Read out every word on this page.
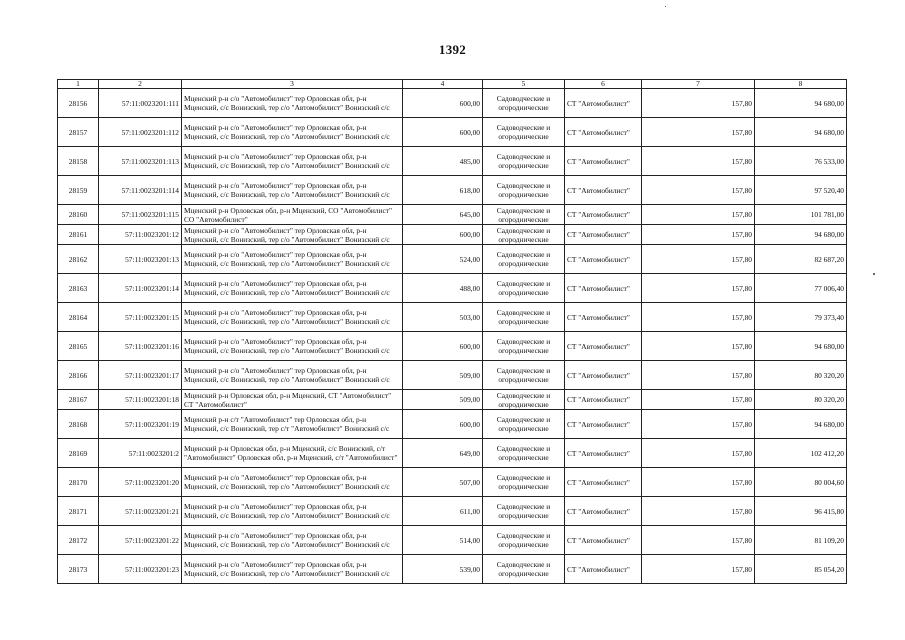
1392
1	2	3	4	5	6	7	8
28156	57:11:0023201:111	Мценский р-н с/о "Автомобилист" тер Орловская обл, р-н Мценский, с/с Вонизский, тер с/о "Автомобилист" Вонизский с/с	600,00	Садоводческие и огороднические	СТ "Автомобилист"	157,80	94 680,00
28157	57:11:0023201:112	Мценский р-н с/о "Автомобилист" тер Орловская обл, р-н Мценский, с/с Вонизский, тер с/о "Автомобилист" Вонизский с/с	600,00	Садоводческие и огороднические	СТ "Автомобилист"	157,80	94 680,00
28158	57:11:0023201:113	Мценский р-н с/о "Автомобилист" тер Орловская обл, р-н Мценский, с/с Вонизский, тер с/о "Автомобилист" Вонизский с/с	485,00	Садоводческие и огороднические	СТ "Автомобилист"	157,80	76 533,00
28159	57:11:0023201:114	Мценский р-н с/о "Автомобилист" тер Орловская обл, р-н Мценский, с/с Вонизский, тер с/о "Автомобилист" Вонизский с/с	618,00	Садоводческие и огороднические	СТ "Автомобилист"	157,80	97 520,40
28160	57:11:0023201:115	Мценский р-н Орловская обл, р-н Мценский, СО "Автомобилист" СО "Автомобилист"	645,00	Садоводческие и огороднические	СТ "Автомобилист"	157,80	101 781,00
28161	57:11:0023201:12	Мценский р-н с/о "Автомобилист" тер Орловская обл, р-н Мценский, с/с Вонизский, тер с/о "Автомобилист" Вонизский с/с	600,00	Садоводческие и огороднические	СТ "Автомобилист"	157,80	94 680,00
28162	57:11:0023201:13	Мценский р-н с/о "Автомобилист" тер Орловская обл, р-н Мценский, с/с Вонизский, тер с/о "Автомобилист" Вонизский с/с	524,00	Садоводческие и огороднические	СТ "Автомобилист"	157,80	82 687,20
28163	57:11:0023201:14	Мценский р-н с/о "Автомобилист" тер Орловская обл, р-н Мценский, с/с Вонизский, тер с/о "Автомобилист" Вонизский с/с	488,00	Садоводческие и огороднические	СТ "Автомобилист"	157,80	77 006,40
28164	57:11:0023201:15	Мценский р-н с/о "Автомобилист" тер Орловская обл, р-н Мценский, с/с Вонизский, тер с/о "Автомобилист" Вонизский с/с	503,00	Садоводческие и огороднические	СТ "Автомобилист"	157,80	79 373,40
28165	57:11:0023201:16	Мценский р-н с/о "Автомобилист" тер Орловская обл, р-н Мценский, с/с Вонизский, тер с/о "Автомобилист" Вонизский с/с	600,00	Садоводческие и огороднические	СТ "Автомобилист"	157,80	94 680,00
28166	57:11:0023201:17	Мценский р-н с/о "Автомобилист" тер Орловская обл, р-н Мценский, с/с Вонизский, тер с/о "Автомобилист" Вонизский с/с	509,00	Садоводческие и огороднические	СТ "Автомобилист"	157,80	80 320,20
28167	57:11:0023201:18	Мценский р-н Орловская обл, р-н Мценский, СТ "Автомобилист" СТ "Автомобилист"	509,00	Садоводческие и огороднические	СТ "Автомобилист"	157,80	80 320,20
28168	57:11:0023201:19	Мценский р-н с/т "Автомобилист" тер Орловская обл, р-н Мценский, с/с Вонизский, тер с/т "Автомобилист" Вонизский с/с	600,00	Садоводческие и огороднические	СТ "Автомобилист"	157,80	94 680,00
28169	57:11:0023201:2	Мценский р-н Орловская обл, р-н Мценский, с/с Вонизский, с/т "Автомобилист" Орловская обл, р-н Мценский, с/т "Автомобилист"	649,00	Садоводческие и огороднические	СТ "Автомобилист"	157,80	102 412,20
28170	57:11:0023201:20	Мценский р-н с/о "Автомобилист" тер Орловская обл, р-н Мценский, с/с Вонизский, тер с/о "Автомобилист" Вонизский с/с	507,00	Садоводческие и огороднические	СТ "Автомобилист"	157,80	80 004,60
28171	57:11:0023201:21	Мценский р-н с/о "Автомобилист" тер Орловская обл, р-н Мценский, с/с Вонизский, тер с/о "Автомобилист" Вонизский с/с	611,00	Садоводческие и огороднические	СТ "Автомобилист"	157,80	96 415,80
28172	57:11:0023201:22	Мценский р-н с/о "Автомобилист" тер Орловская обл, р-н Мценский, с/с Вонизский, тер с/о "Автомобилист" Вонизский с/с	514,00	Садоводческие и огороднические	СТ "Автомобилист"	157,80	81 109,20
28173	57:11:0023201:23	Мценский р-н с/о "Автомобилист" тер Орловская обл, р-н Мценский, с/с Вонизский, тер с/о "Автомобилист" Вонизский с/с	539,00	Садоводческие и огороднические	СТ "Автомобилист"	157,80	85 054,20
